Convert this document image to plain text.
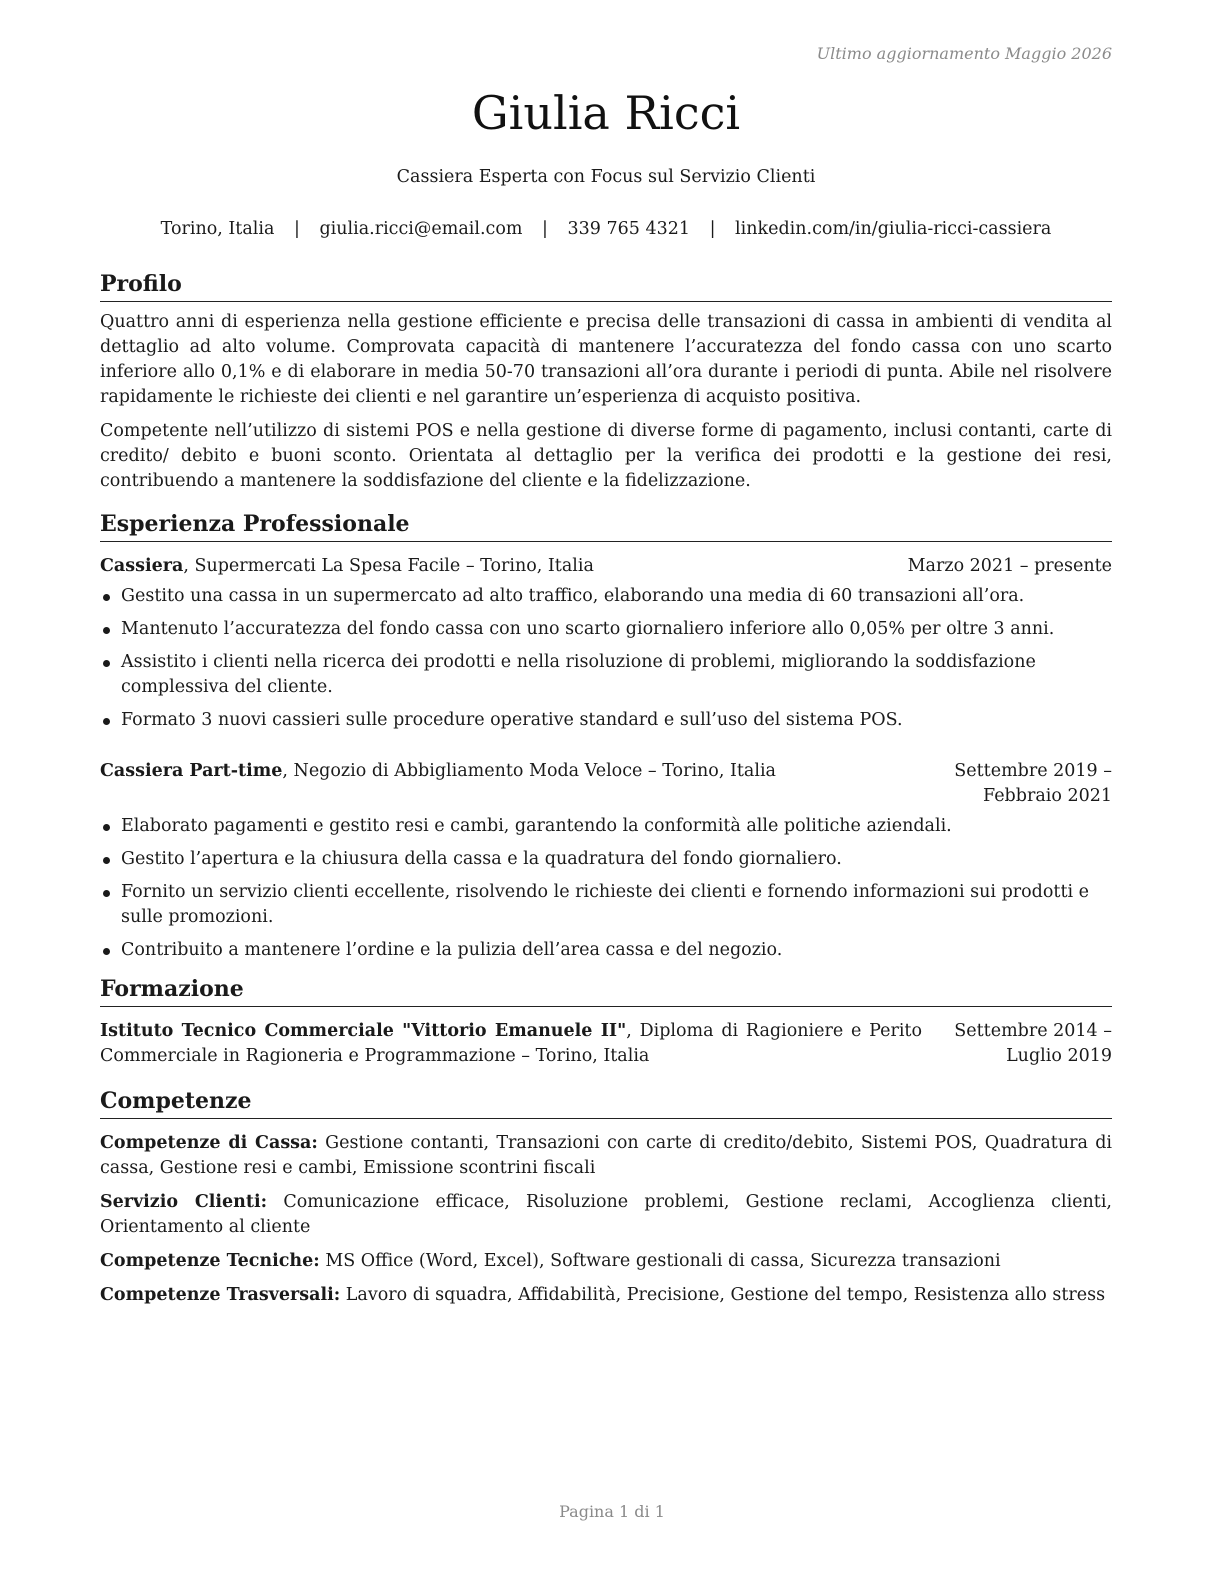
Ultimo aggiornamento Maggio 2026
Giulia Ricci
Cassiera Esperta con Focus sul Servizio Clienti
Torino, Italia | giulia.ricci@email.com | 339 765 4321 | linkedin.com/in/giulia-ricci-cassiera
Profilo

Quattro anni di esperienza nella gestione efficiente e precisa delle transazioni di cassa in ambienti di vendita al dettaglio ad alto volume. Comprovata capacità di mantenere l’accuratezza del fondo cassa con uno scarto inferiore allo 0,1% e di elaborare in media 50-70 transazioni all’ora durante i periodi di punta. Abile nel risolvere rapidamente le richieste dei clienti e nel garantire un’esperienza di acquisto positiva.

Competente nell’utilizzo di sistemi POS e nella gestione di diverse forme di pagamento, inclusi contanti, carte di credito/ debito e buoni sconto. Orientata al dettaglio per la verifica dei prodotti e la gestione dei resi, contribuendo a mantenere la soddisfazione del cliente e la fidelizzazione.

Esperienza Professionale
Cassiera, Supermercati La Spesa Facile – Torino, Italia	Marzo 2021 – presente
Gestito una cassa in un supermercato ad alto traffico, elaborando una media di 60 transazioni all’ora.
Mantenuto l’accuratezza del fondo cassa con uno scarto giornaliero inferiore allo 0,05% per oltre 3 anni.
Assistito i clienti nella ricerca dei prodotti e nella risoluzione di problemi, migliorando la soddisfazione complessiva del cliente.
Formato 3 nuovi cassieri sulle procedure operative standard e sull’uso del sistema POS.
Cassiera Part-time, Negozio di Abbigliamento Moda Veloce – Torino, Italia	Settembre 2019 – Febbraio 2021
Elaborato pagamenti e gestito resi e cambi, garantendo la conformità alle politiche aziendali.
Gestito l’apertura e la chiusura della cassa e la quadratura del fondo giornaliero.
Fornito un servizio clienti eccellente, risolvendo le richieste dei clienti e fornendo informazioni sui prodotti e sulle promozioni.
Contribuito a mantenere l’ordine e la pulizia dell’area cassa e del negozio.
Formazione
Istituto Tecnico Commerciale "Vittorio Emanuele II", Diploma di Ragioniere e Perito Commerciale in Ragioneria e Programmazione – Torino, Italia
Settembre 2014 – Luglio 2019
Competenze

Competenze di Cassa: Gestione contanti, Transazioni con carte di credito/debito, Sistemi POS, Quadratura di cassa, Gestione resi e cambi, Emissione scontrini fiscali

Servizio Clienti: Comunicazione efficace, Risoluzione problemi, Gestione reclami, Accoglienza clienti, Orientamento al cliente

Competenze Tecniche: MS Office (Word, Excel), Software gestionali di cassa, Sicurezza transazioni

Competenze Trasversali: Lavoro di squadra, Affidabilità, Precisione, Gestione del tempo, Resistenza allo stress

Pagina 1 di 1
